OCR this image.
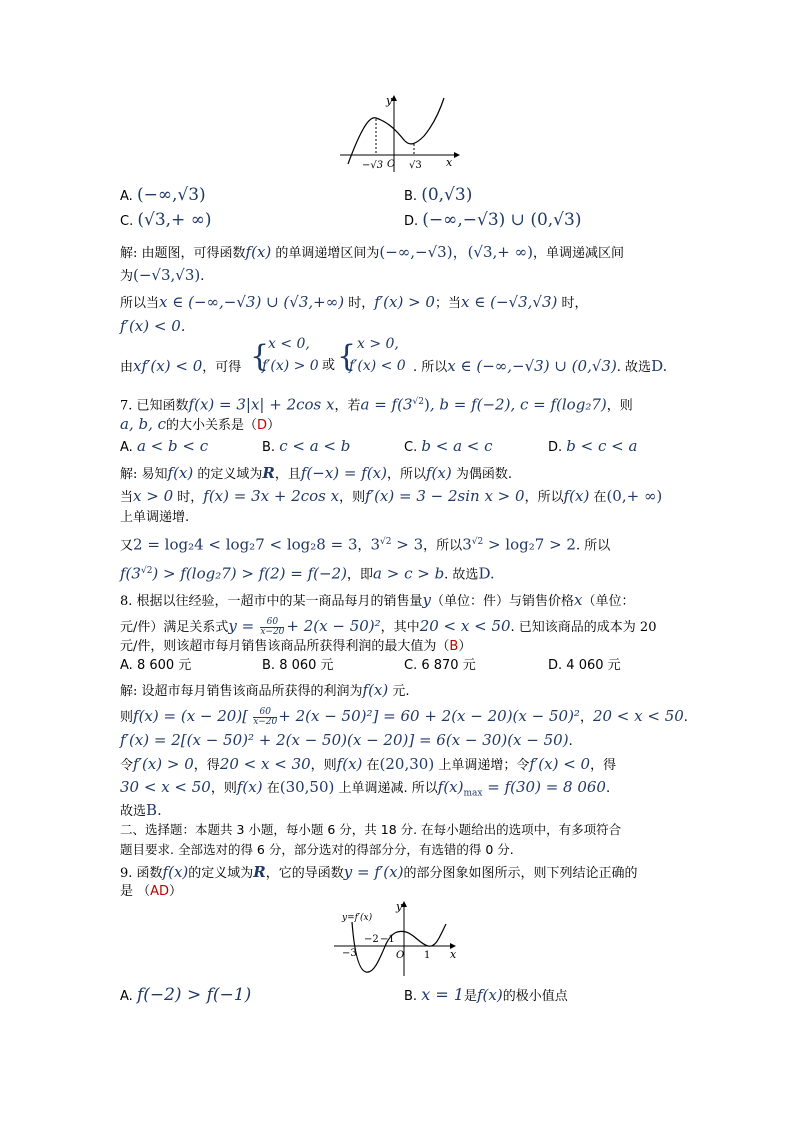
y
x
−√3 O √3
A. (−∞,√3)	B. (0,√3)
C. (√3,+ ∞)	D. (−∞,−√3) ∪ (0,√3)
解: 由题图，可得函数f(x) 的单调递增区间为(−∞,−√3)，(√3,+ ∞)，单调递减区间
为(−√3,√3).
所以当x ∈ (−∞,−√3) ∪ (√3,+∞) 时，f′(x) > 0；当x ∈ (−√3,√3) 时，
f′(x) < 0.
由xf′(x) < 0，可得 {
x < 0,
f′(x) > 0 或 { x > 0,
f′(x) < 0 . 所以x ∈ (−∞,−√3) ∪ (0,√3). 故选D.
7. 已知函数f(x) = 3|x| + 2cos x，若$a = f(3^{√2})$, b = f(−2), c = f(log₂7)，则
a, b, c的大小关系是（D）
A. a < b < c	B. c < a < b	C. b < a < c	D. b < c < a
解: 易知f(x) 的定义域为R，且f(−x) = f(x)，所以f(x) 为偶函数.
当x > 0 时，f(x) = 3x + 2cos x，则f′(x) = 3 − 2sin x > 0，所以f(x) 在(0,+ ∞)
上单调递增.
又2 = log₂4 < log₂7 < log₂8 = 3，$3^{√2} > 3$，所以$3^{√2} > \log_27 > 2$. 所以
$f(3^{√2}) > f(\log_27) > f(2) = f(-2)$，即a > c > b. 故选D.
8. 根据以往经验，一超市中的某一商品每月的销售量y（单位：件）与销售价格x（单位：
元/件）满足关系式$y = \frac{60}{x-20} + 2(x - 50)^2$，其中20 < x < 50. 已知该商品的成本为 20
元/件，则该超市每月销售该商品所获得利润的最大值为（B）
A. 8 600 元	B. 8 060 元	C. 6 870 元	D. 4 060 元
解: 设超市每月销售该商品所获得的利润为f(x) 元.
则$f(x) = (x - 20)[ \frac{60}{x-20} + 2(x - 50)^2] = 60 + 2(x - 20)(x - 50)^2$，20 < x < 50.
f′(x) = 2[(x − 50)² + 2(x − 50)(x − 20)] = 6(x − 30)(x − 50).
令f′(x) > 0，得20 < x < 30，则f(x) 在(20,30) 上单调递增；令f′(x) < 0，得
30 < x < 50，则f(x) 在(30,50) 上单调递减. 所以$f(x)_{max} = f(30) = 8$ 060.
故选B.
二、选择题：本题共 3 小题，每小题 6 分，共 18 分. 在每小题给出的选项中，有多项符合
题目要求. 全部选对的得 6 分，部分选对的得部分分，有选错的得 0 分.
9. 函数f(x)的定义域为R，它的导函数y = f′(x)的部分图象如图所示，则下列结论正确的
是 （AD）
y=f′(x)
y
x
−3
−2 −1
O 1
A. f(−2) > f(−1)	B. x = 1是f(x)的极小值点
